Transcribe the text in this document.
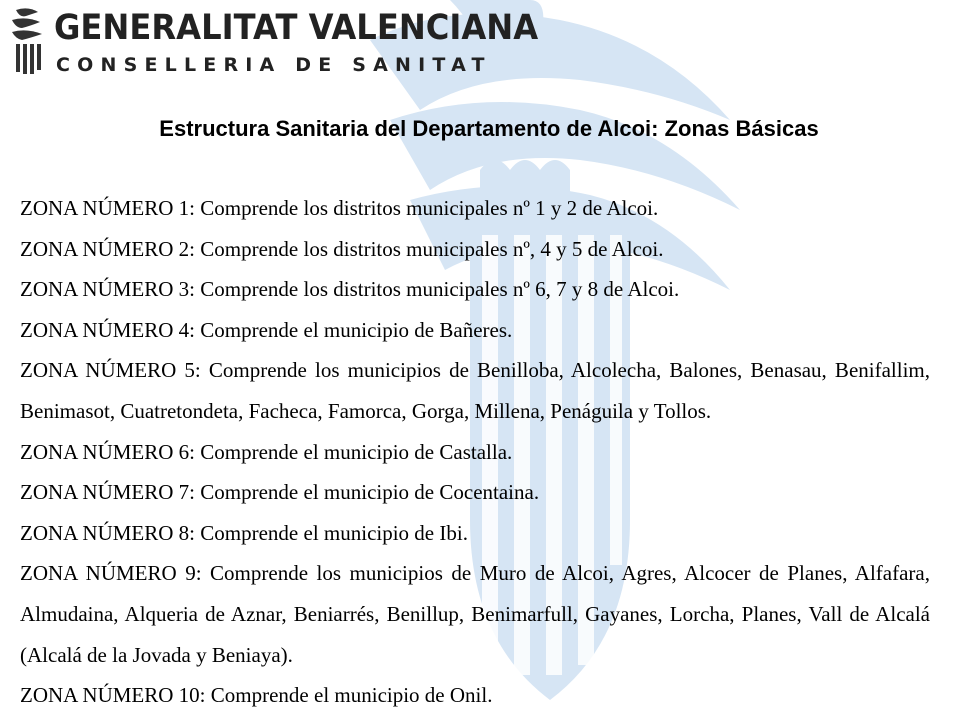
GENERALITAT VALENCIANA
CONSELLERIA DE SANITAT
Estructura Sanitaria del Departamento de Alcoi: Zonas Básicas

ZONA NÚMERO 1: Comprende los distritos municipales nº 1 y 2 de Alcoi.

ZONA NÚMERO 2: Comprende los distritos municipales nº, 4 y 5 de Alcoi.

ZONA NÚMERO 3: Comprende los distritos municipales nº 6, 7 y 8 de Alcoi.

ZONA NÚMERO 4: Comprende el municipio de Bañeres.

ZONA NÚMERO 5: Comprende los municipios de Benilloba, Alcolecha, Balones, Benasau, Benifallim, Benimasot, Cuatretondeta, Facheca, Famorca, Gorga, Millena, Penáguila y Tollos.

ZONA NÚMERO 6: Comprende el municipio de Castalla.

ZONA NÚMERO 7: Comprende el municipio de Cocentaina.

ZONA NÚMERO 8: Comprende el municipio de Ibi.

ZONA NÚMERO 9: Comprende los municipios de Muro de Alcoi, Agres, Alcocer de Planes, Alfafara, Almudaina, Alqueria de Aznar, Beniarrés, Benillup, Benimarfull, Gayanes, Lorcha, Planes, Vall de Alcalá (Alcalá de la Jovada y Beniaya).

ZONA NÚMERO 10: Comprende el municipio de Onil.
